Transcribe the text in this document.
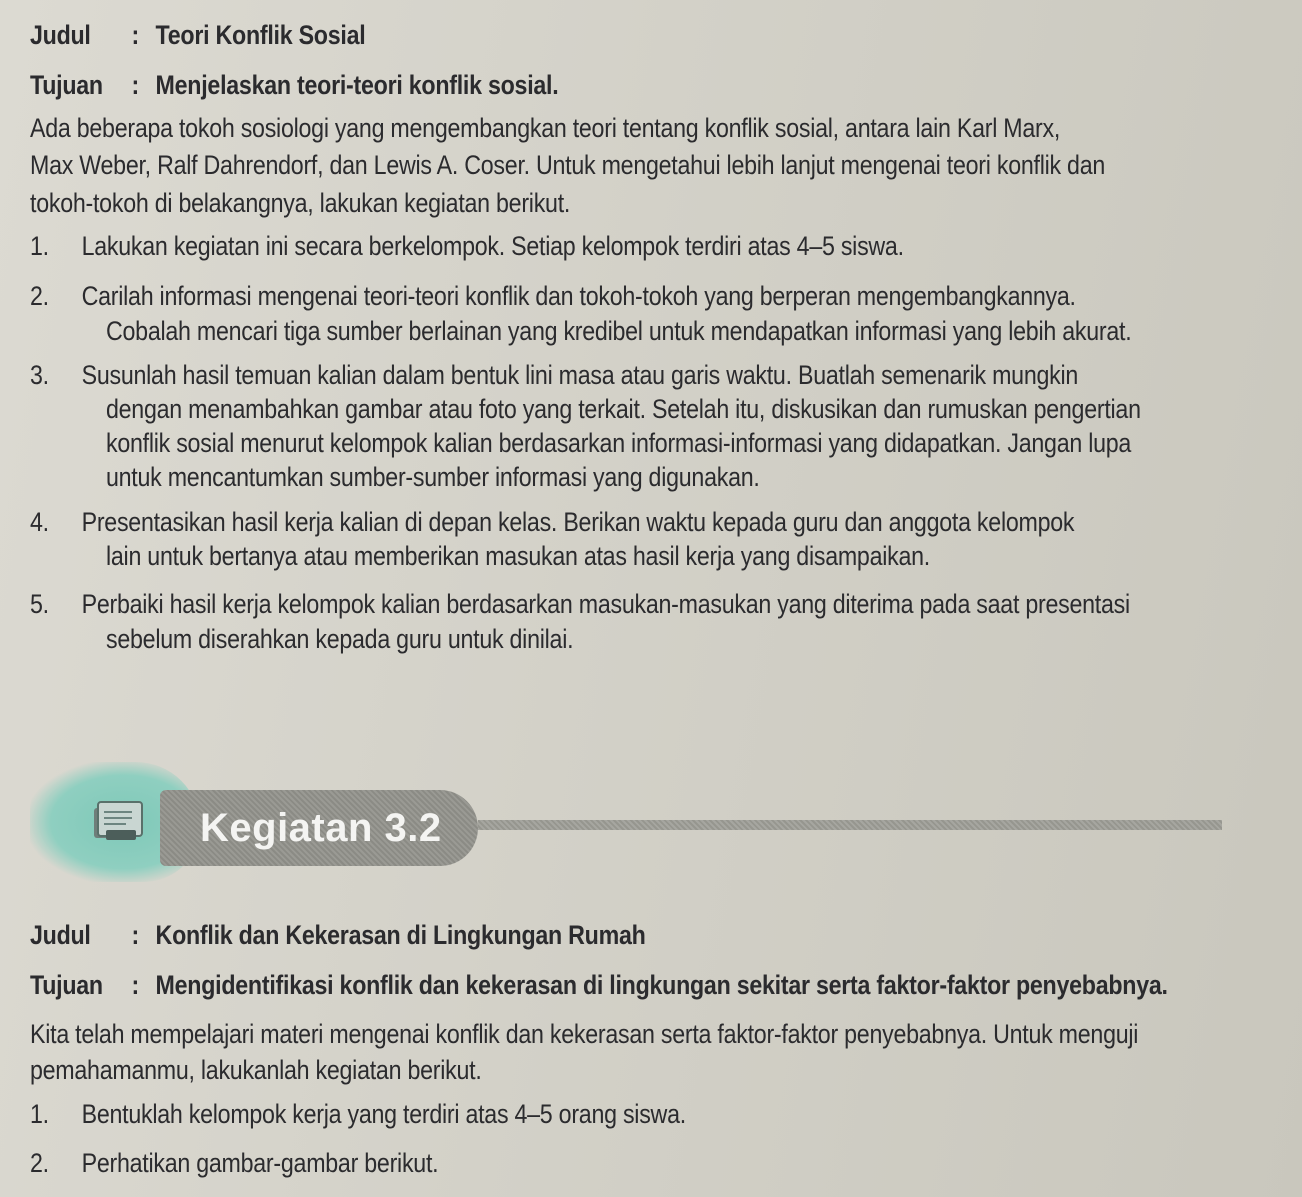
Judul : Teori Konflik Sosial
Tujuan : Menjelaskan teori-teori konflik sosial.
Ada beberapa tokoh sosiologi yang mengembangkan teori tentang konflik sosial, antara lain Karl Marx,
Max Weber, Ralf Dahrendorf, dan Lewis A. Coser. Untuk mengetahui lebih lanjut mengenai teori konflik dan
tokoh-tokoh di belakangnya, lakukan kegiatan berikut.
1. Lakukan kegiatan ini secara berkelompok. Setiap kelompok terdiri atas 4–5 siswa.
2. Carilah informasi mengenai teori-teori konflik dan tokoh-tokoh yang berperan mengembangkannya.
Cobalah mencari tiga sumber berlainan yang kredibel untuk mendapatkan informasi yang lebih akurat.
3. Susunlah hasil temuan kalian dalam bentuk lini masa atau garis waktu. Buatlah semenarik mungkin
dengan menambahkan gambar atau foto yang terkait. Setelah itu, diskusikan dan rumuskan pengertian
konflik sosial menurut kelompok kalian berdasarkan informasi-informasi yang didapatkan. Jangan lupa
untuk mencantumkan sumber-sumber informasi yang digunakan.
4. Presentasikan hasil kerja kalian di depan kelas. Berikan waktu kepada guru dan anggota kelompok
lain untuk bertanya atau memberikan masukan atas hasil kerja yang disampaikan.
5. Perbaiki hasil kerja kelompok kalian berdasarkan masukan-masukan yang diterima pada saat presentasi
sebelum diserahkan kepada guru untuk dinilai.
Kegiatan 3.2
Judul : Konflik dan Kekerasan di Lingkungan Rumah
Tujuan : Mengidentifikasi konflik dan kekerasan di lingkungan sekitar serta faktor-faktor penyebabnya.
Kita telah mempelajari materi mengenai konflik dan kekerasan serta faktor-faktor penyebabnya. Untuk menguji
pemahamanmu, lakukanlah kegiatan berikut.
1. Bentuklah kelompok kerja yang terdiri atas 4–5 orang siswa.
2. Perhatikan gambar-gambar berikut.
